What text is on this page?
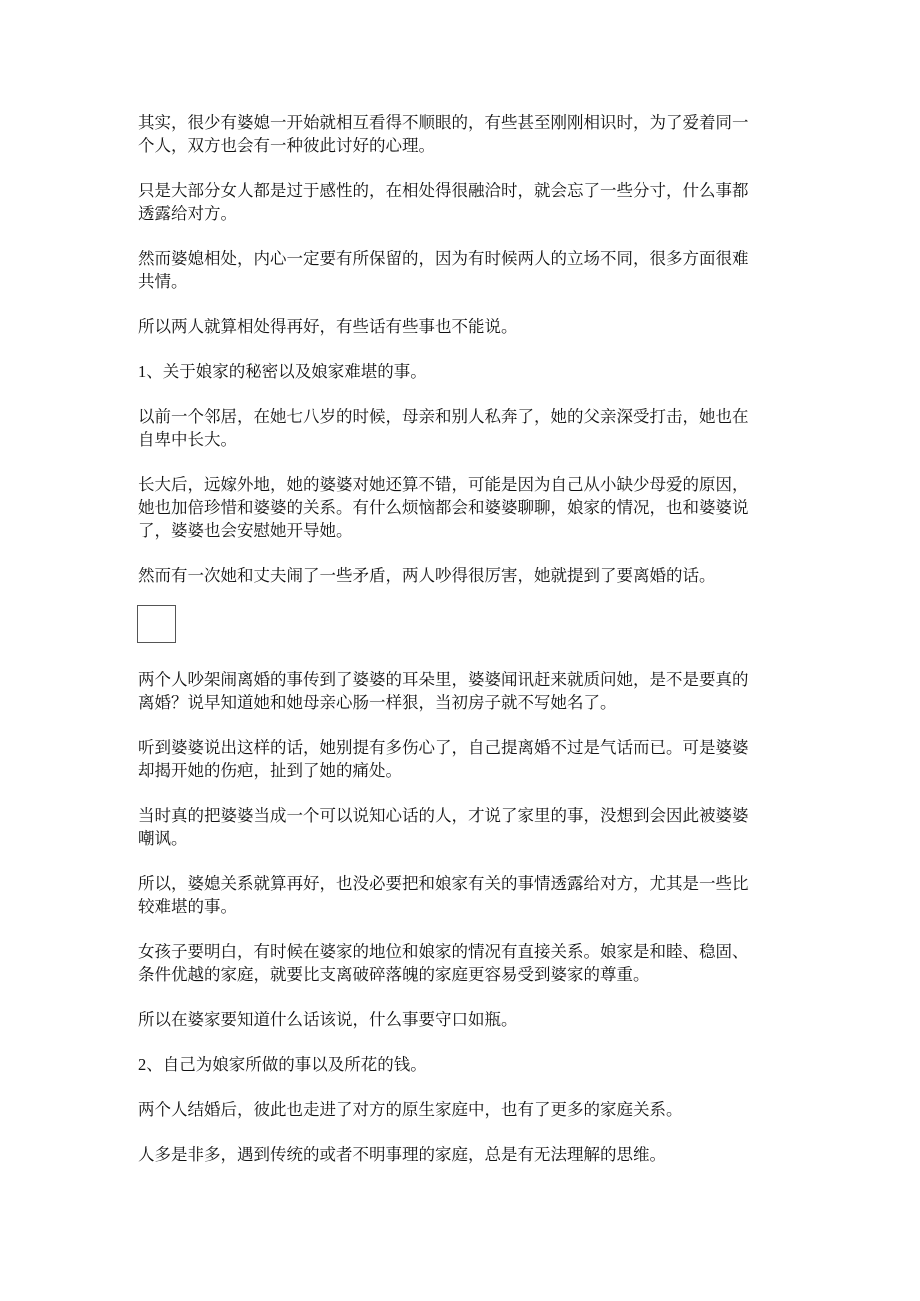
其实，很少有婆媳一开始就相互看得不顺眼的，有些甚至刚刚相识时，为了爱着同一
个人，双方也会有一种彼此讨好的心理。

只是大部分女人都是过于感性的，在相处得很融洽时，就会忘了一些分寸，什么事都
透露给对方。

然而婆媳相处，内心一定要有所保留的，因为有时候两人的立场不同，很多方面很难
共情。

所以两人就算相处得再好，有些话有些事也不能说。

1、关于娘家的秘密以及娘家难堪的事。

以前一个邻居，在她七八岁的时候，母亲和别人私奔了，她的父亲深受打击，她也在
自卑中长大。

长大后，远嫁外地，她的婆婆对她还算不错，可能是因为自己从小缺少母爱的原因，
她也加倍珍惜和婆婆的关系。有什么烦恼都会和婆婆聊聊，娘家的情况，也和婆婆说
了，婆婆也会安慰她开导她。

然而有一次她和丈夫闹了一些矛盾，两人吵得很厉害，她就提到了要离婚的话。

两个人吵架闹离婚的事传到了婆婆的耳朵里，婆婆闻讯赶来就质问她，是不是要真的
离婚？说早知道她和她母亲心肠一样狠，当初房子就不写她名了。

听到婆婆说出这样的话，她别提有多伤心了，自己提离婚不过是气话而已。可是婆婆
却揭开她的伤疤，扯到了她的痛处。

当时真的把婆婆当成一个可以说知心话的人，才说了家里的事，没想到会因此被婆婆
嘲讽。

所以，婆媳关系就算再好，也没必要把和娘家有关的事情透露给对方，尤其是一些比
较难堪的事。

女孩子要明白，有时候在婆家的地位和娘家的情况有直接关系。娘家是和睦、稳固、
条件优越的家庭，就要比支离破碎落魄的家庭更容易受到婆家的尊重。

所以在婆家要知道什么话该说，什么事要守口如瓶。

2、自己为娘家所做的事以及所花的钱。

两个人结婚后，彼此也走进了对方的原生家庭中，也有了更多的家庭关系。

人多是非多，遇到传统的或者不明事理的家庭，总是有无法理解的思维。
